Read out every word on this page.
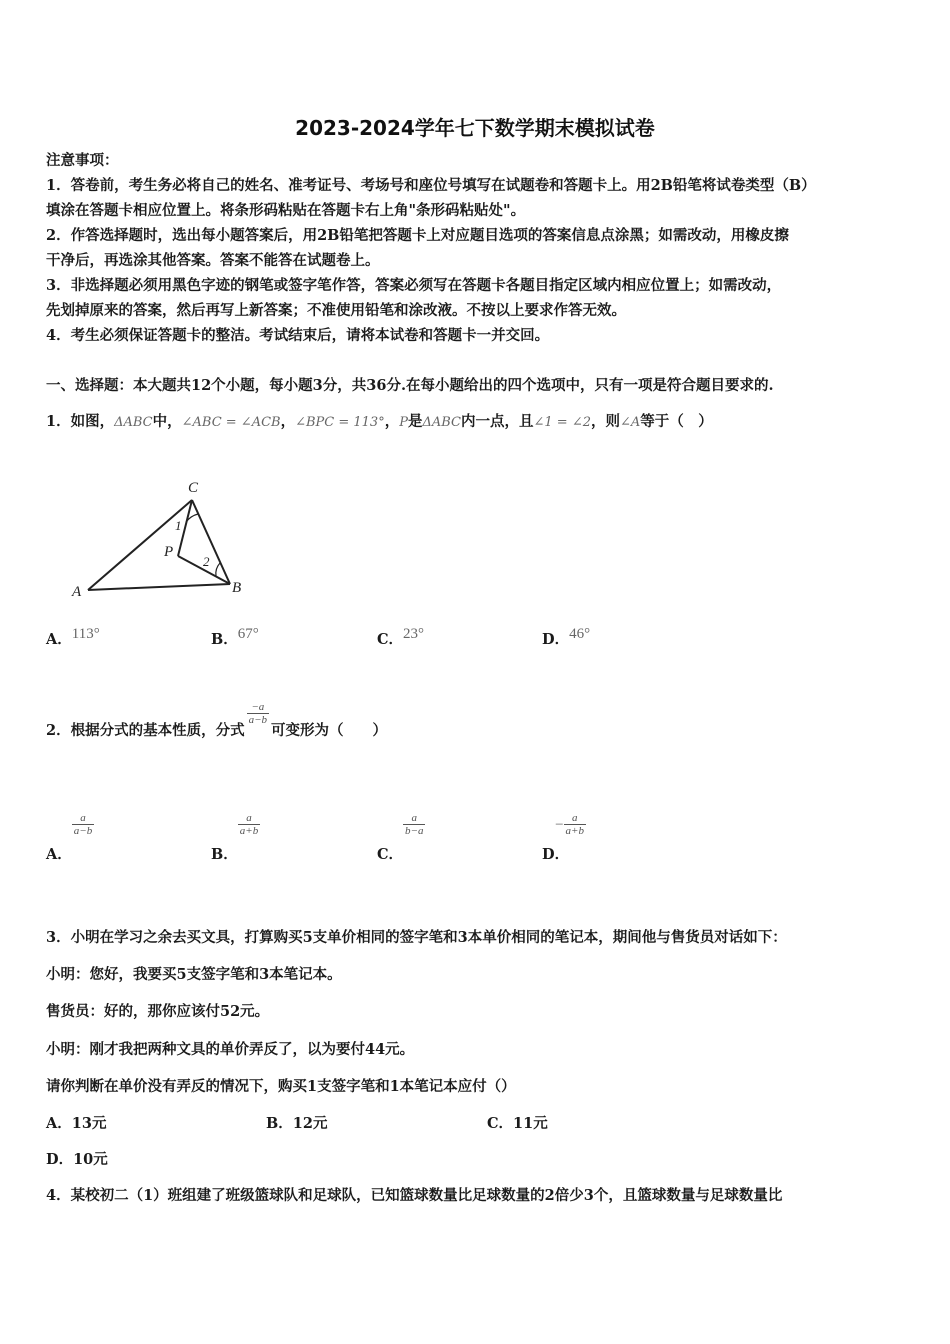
2023-2024学年七下数学期末模拟试卷
注意事项：
1．答卷前，考生务必将自己的姓名、准考证号、考场号和座位号填写在试题卷和答题卡上。用2B铅笔将试卷类型（B）
填涂在答题卡相应位置上。将条形码粘贴在答题卡右上角"条形码粘贴处"。
2．作答选择题时，选出每小题答案后，用2B铅笔把答题卡上对应题目选项的答案信息点涂黑；如需改动，用橡皮擦
干净后，再选涂其他答案。答案不能答在试题卷上。
3．非选择题必须用黑色字迹的钢笔或签字笔作答，答案必须写在答题卡各题目指定区域内相应位置上；如需改动，
先划掉原来的答案，然后再写上新答案；不准使用铅笔和涂改液。不按以上要求作答无效。
4．考生必须保证答题卡的整洁。考试结束后，请将本试卷和答题卡一并交回。
一、选择题：本大题共12个小题，每小题3分，共36分.在每小题给出的四个选项中，只有一项是符合题目要求的.
1．如图，ΔABC中，∠ABC = ∠ACB，∠BPC = 113°，P是ΔABC内一点，且∠1 = ∠2，则∠A等于（　）
A	B
C
P
1
2
A．113°	B．67°	C．23°	D．46°
2．根据分式的基本性质，分式
$\frac{-a}{a-b}$
可变形为（　　）
A．
$\frac{a}{a-b}$
B．
$\frac{a}{a+b}$
C．
$\frac{a}{b-a}$
D．− $\frac{a}{a+b}$
3．小明在学习之余去买文具，打算购买5支单价相同的签字笔和3本单价相同的笔记本，期间他与售货员对话如下：
小明：您好，我要买5支签字笔和3本笔记本。
售货员：好的，那你应该付52元。
小明：刚才我把两种文具的单价弄反了，以为要付44元。
请你判断在单价没有弄反的情况下，购买1支签字笔和1本笔记本应付（）
A．13元	B．12元	C．11元
D．10元
4．某校初二（1）班组建了班级篮球队和足球队，已知篮球数量比足球数量的2倍少3个，且篮球数量与足球数量比
